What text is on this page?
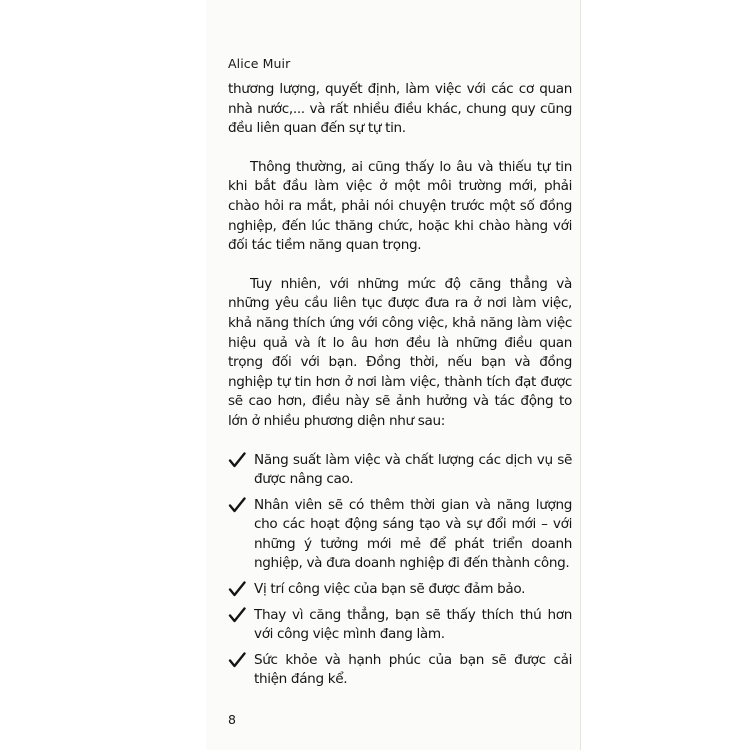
Alice Muir

thương lượng, quyết định, làm việc với các cơ quan nhà nước,... và rất nhiều điều khác, chung quy cũng đều liên quan đến sự tự tin.

Thông thường, ai cũng thấy lo âu và thiếu tự tin khi bắt đầu làm việc ở một môi trường mới, phải chào hỏi ra mắt, phải nói chuyện trước một số đồng nghiệp, đến lúc thăng chức, hoặc khi chào hàng với đối tác tiềm năng quan trọng.

Tuy nhiên, với những mức độ căng thẳng và những yêu cầu liên tục được đưa ra ở nơi làm việc, khả năng thích ứng với công việc, khả năng làm việc hiệu quả và ít lo âu hơn đều là những điều quan trọng đối với bạn. Đồng thời, nếu bạn và đồng nghiệp tự tin hơn ở nơi làm việc, thành tích đạt được sẽ cao hơn, điều này sẽ ảnh hưởng và tác động to lớn ở nhiều phương diện như sau:

Năng suất làm việc và chất lượng các dịch vụ sẽ được nâng cao.
Nhân viên sẽ có thêm thời gian và năng lượng cho các hoạt động sáng tạo và sự đổi mới – với những ý tưởng mới mẻ để phát triển doanh nghiệp, và đưa doanh nghiệp đi đến thành công.
Vị trí công việc của bạn sẽ được đảm bảo.
Thay vì căng thẳng, bạn sẽ thấy thích thú hơn với công việc mình đang làm.
Sức khỏe và hạnh phúc của bạn sẽ được cải thiện đáng kể.
8
